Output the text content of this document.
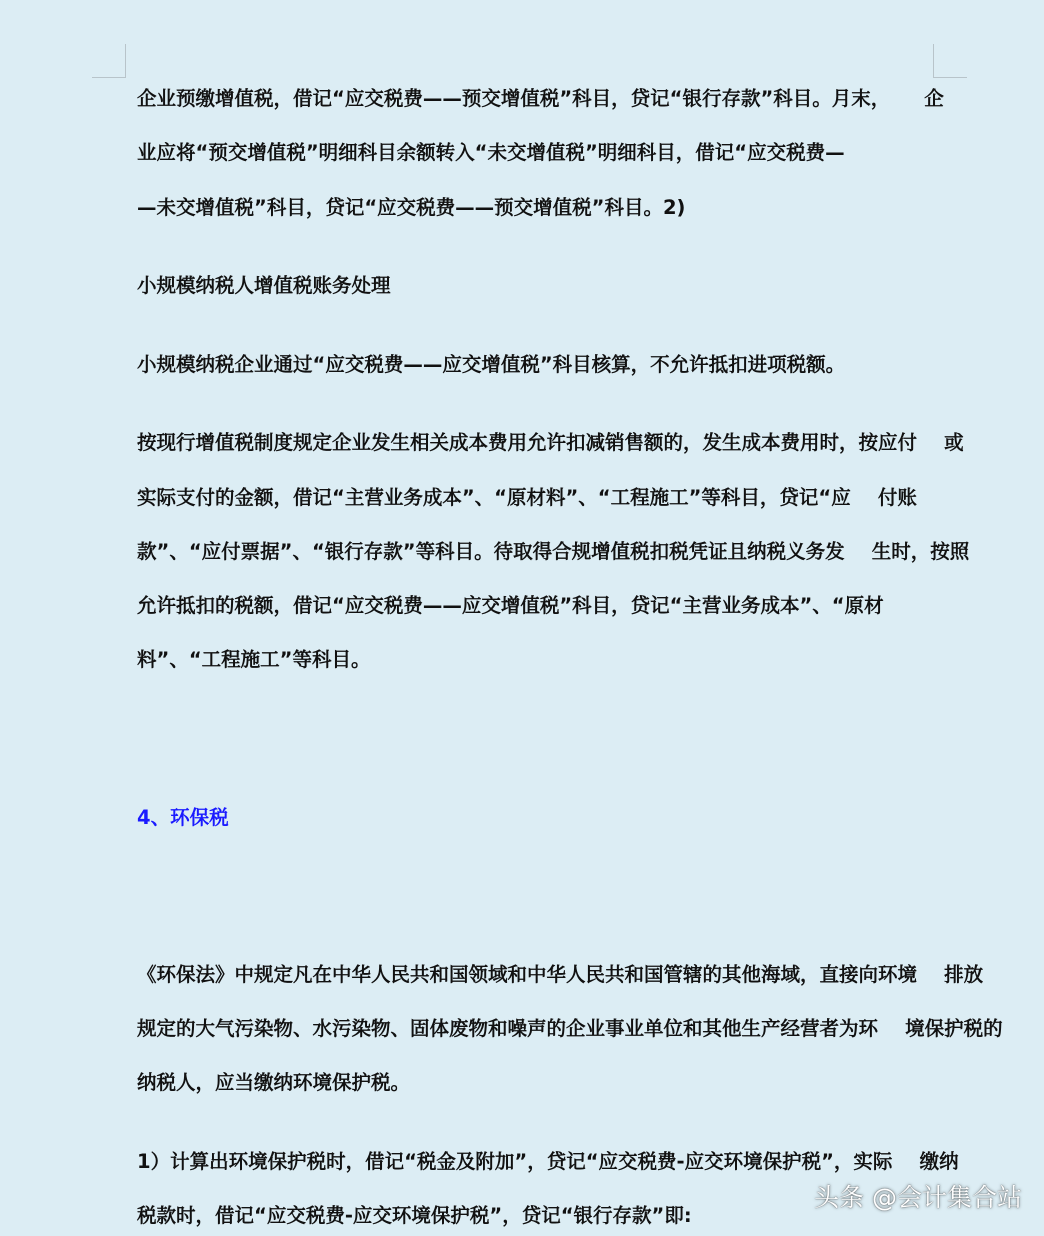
企业预缴增值税，借记“应交税费——预交增值税”科目，贷记“银行存款”科目。月末，     企
业应将“预交增值税”明细科目余额转入“未交增值税”明细科目，借记“应交税费—
—未交增值税”科目，贷记“应交税费——预交增值税”科目。2)
小规模纳税人增值税账务处理
小规模纳税企业通过“应交税费——应交增值税”科目核算，不允许抵扣进项税额。
按现行增值税制度规定企业发生相关成本费用允许扣减销售额的，发生成本费用时，按应付    或
实际支付的金额，借记“主营业务成本”、“原材料”、“工程施工”等科目，贷记“应    付账
款”、“应付票据”、“银行存款”等科目。待取得合规增值税扣税凭证且纳税义务发    生时，按照
允许抵扣的税额，借记“应交税费——应交增值税”科目，贷记“主营业务成本”、“原材
料”、“工程施工”等科目。
4、环保税
《环保法》中规定凡在中华人民共和国领域和中华人民共和国管辖的其他海域，直接向环境    排放
规定的大气污染物、水污染物、固体废物和噪声的企业事业单位和其他生产经营者为环    境保护税的
纳税人，应当缴纳环境保护税。
1）计算出环境保护税时，借记“税金及附加”，贷记“应交税费-应交环境保护税”，实际    缴纳
税款时，借记“应交税费-应交环境保护税”，贷记“银行存款”即:
头条 @会计集合站
